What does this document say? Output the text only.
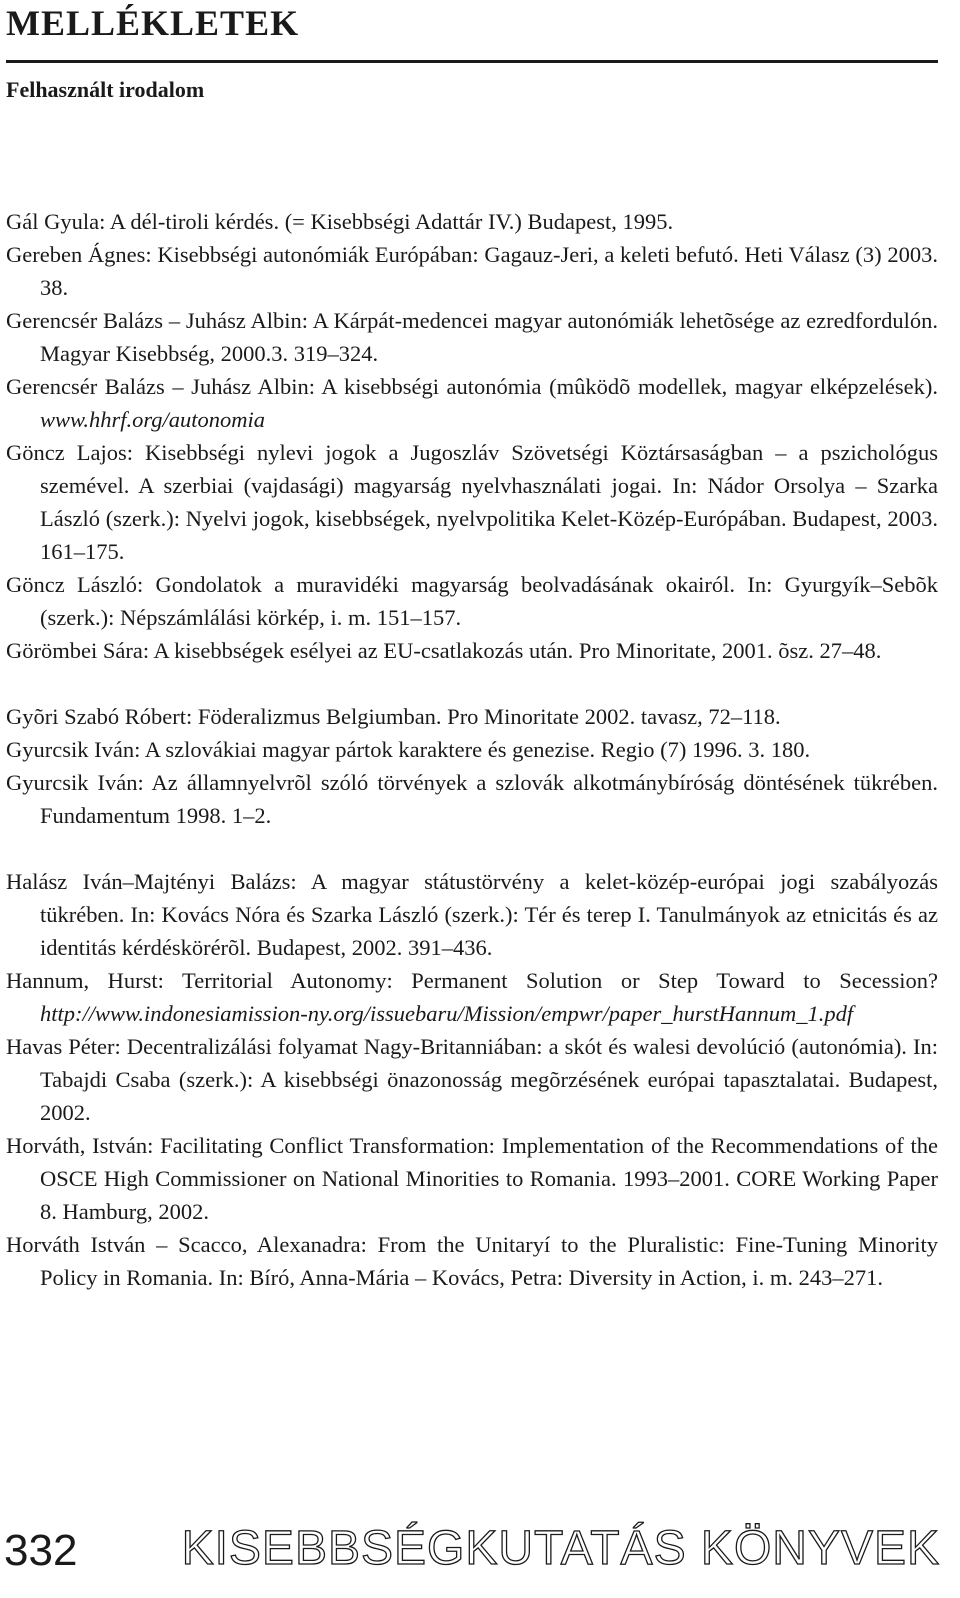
MELLÉKLETEK
Felhasznált irodalom

Gál Gyula: A dél-tiroli kérdés. (= Kisebbségi Adattár IV.) Budapest, 1995.

Gereben Ágnes: Kisebbségi autonómiák Európában: Gagauz-Jeri, a keleti befutó. Heti Válasz (3) 2003. 38.

Gerencsér Balázs – Juhász Albin: A Kárpát-medencei magyar autonómiák lehetõsége az ezredfordulón. Magyar Kisebbség, 2000.3. 319–324.

Gerencsér Balázs – Juhász Albin: A kisebbségi autonómia (mûködõ modellek, magyar elképzelések). www.hhrf.org/autonomia

Göncz Lajos: Kisebbségi nylevi jogok a Jugoszláv Szövetségi Köztársaságban – a pszichológus szemével. A szerbiai (vajdasági) magyarság nyelvhasználati jogai. In: Nádor Orsolya – Szarka László (szerk.): Nyelvi jogok, kisebbségek, nyelvpolitika Kelet-Közép-Európában. Budapest, 2003. 161–175.

Göncz László: Gondolatok a muravidéki magyarság beolvadásának okairól. In: Gyurgyík–Sebõk (szerk.): Népszámlálási körkép, i. m. 151–157.

Görömbei Sára: A kisebbségek esélyei az EU-csatlakozás után. Pro Minoritate, 2001. õsz. 27–48.

Gyõri Szabó Róbert: Föderalizmus Belgiumban. Pro Minoritate 2002. tavasz, 72–118.

Gyurcsik Iván: A szlovákiai magyar pártok karaktere és genezise. Regio (7) 1996. 3. 180.

Gyurcsik Iván: Az államnyelvrõl szóló törvények a szlovák alkotmánybíróság döntésének tükrében. Fundamentum 1998. 1–2.

Halász Iván–Majtényi Balázs: A magyar státustörvény a kelet-közép-európai jogi szabályozás tükrében. In: Kovács Nóra és Szarka László (szerk.): Tér és terep I. Tanulmányok az etnicitás és az identitás kérdéskörérõl. Budapest, 2002. 391–436.

Hannum, Hurst: Territorial Autonomy: Permanent Solution or Step Toward to Secession? http://www.indonesiamission-ny.org/issuebaru/Mission/empwr/paper_hurstHannum_1.pdf

Havas Péter: Decentralizálási folyamat Nagy-Britanniában: a skót és walesi devolúció (autonómia). In: Tabajdi Csaba (szerk.): A kisebbségi önazonosság megõrzésének európai tapasztalatai. Budapest, 2002.

Horváth, István: Facilitating Conflict Transformation: Implementation of the Recommendations of the OSCE High Commissioner on National Minorities to Romania. 1993–2001. CORE Working Paper 8. Hamburg, 2002.

Horváth István – Scacco, Alexanadra: From the Unitaryí to the Pluralistic: Fine-Tuning Minority Policy in Romania. In: Bíró, Anna-Mária – Kovács, Petra: Diversity in Action, i. m. 243–271.

332 KISEBBSÉGKUTATÁS KÖNYVEK
